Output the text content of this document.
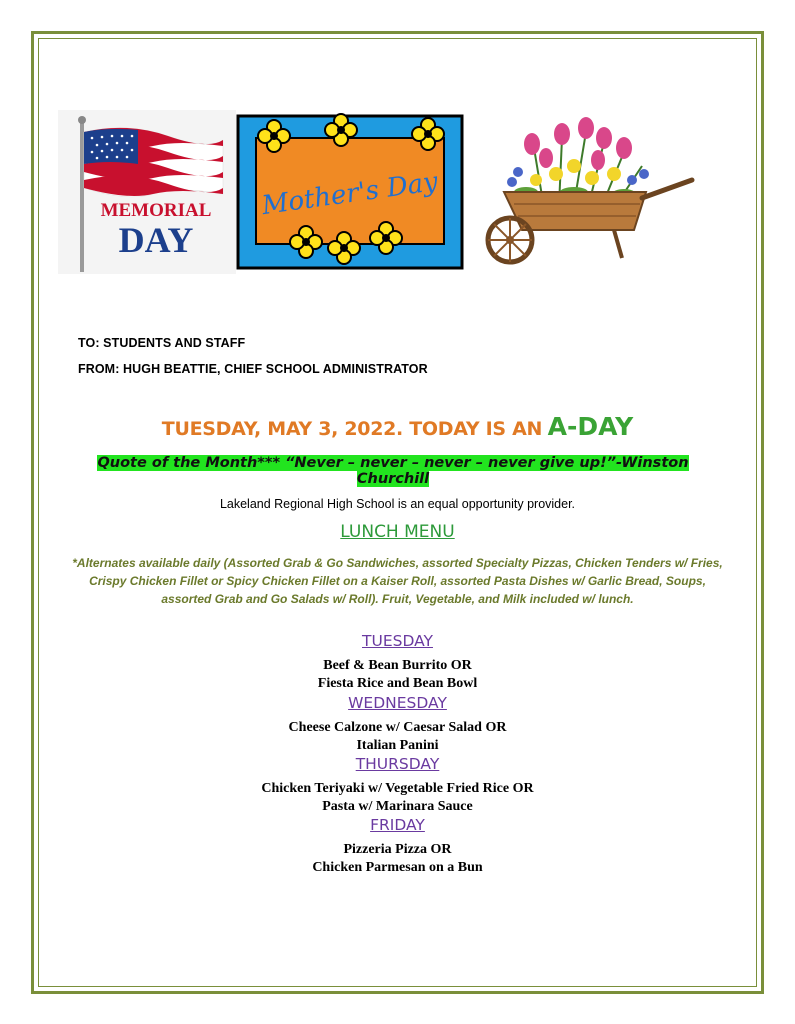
MEMORIAL
DAY
Mother's Day
TO: STUDENTS AND STAFF
FROM: HUGH BEATTIE, CHIEF SCHOOL ADMINISTRATOR
TUESDAY, MAY 3, 2022. TODAY IS AN A-DAY
Quote of the Month*** “Never – never – never – never give up!”-Winston Churchill
Lakeland Regional High School is an equal opportunity provider.
LUNCH MENU
*Alternates available daily (Assorted Grab & Go Sandwiches, assorted Specialty Pizzas, Chicken Tenders w/ Fries, Crispy Chicken Fillet or Spicy Chicken Fillet on a Kaiser Roll, assorted Pasta Dishes w/ Garlic Bread, Soups, assorted Grab and Go Salads w/ Roll). Fruit, Vegetable, and Milk included w/ lunch.
TUESDAY
Beef & Bean Burrito OR
Fiesta Rice and Bean Bowl
WEDNESDAY
Cheese Calzone w/ Caesar Salad OR
Italian Panini
THURSDAY
Chicken Teriyaki w/ Vegetable Fried Rice OR
Pasta w/ Marinara Sauce
FRIDAY
Pizzeria Pizza OR
Chicken Parmesan on a Bun
